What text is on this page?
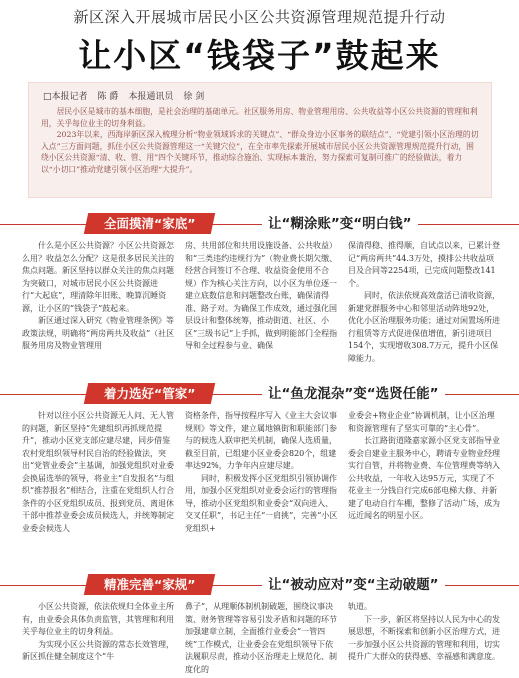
新区深入开展城市居民小区公共资源管理规范提升行动
让小区“钱袋子”鼓起来
□本报记者 陈 爵 本报通讯员 徐 剑

居民小区是城市的基本细胞，是社会治理的基础单元。社区服务用房、物业管理用房、公共收益等小区公共资源的管理和利用，关乎每位业主的切身利益。

2023年以来，西海岸新区深入梳理分析“物业领域诉求的关键点”、“群众身边小区事务的联结点”、“党建引领小区治理的切入点”三方面问题，抓住小区公共资源管理这一“关键穴位”，在全市率先探索开展城市居民小区公共资源管理规范提升行动，围绕小区公共资源“清、收、管、用”四个关键环节，推动综合施治、实现标本兼治，努力探索可复制可推广的经验做法，着力以“小切口”推动党建引领小区治理“大提升”。

全面摸清“家底”	让“糊涂账”变“明白钱”

什么是小区公共资源？小区公共资源怎么用？收益怎么分配？这是很多居民关注的焦点问题。新区坚持以群众关注的焦点问题为突破口，对城市居民小区公共资源进行“大起底”，理清除年旧账、晚算沉睡资源，让小区的“钱袋子”鼓起来。

新区通过深入研究《物业管理条例》等政策法规，明确将“两房两共及收益”（社区服务用房及物业管理用

房、共用部位和共用设施设备、公共收益）和“三类违约违规行为”（物业费长期欠缴、经营合同签订不合理、收益资金使用不合规）作为核心关注方向，以小区为单位逐一建立底数信息和问题整改台账，确保清得准、路子对。为确保工作成效，通过强化国层设计和整体统筹，推动街道、社区、小区“三级书记”上手抓，做到明能部门全程指导和全过程参与业、确保

保清得稳、推得顺，自试点以来，已累计登记“两房两共”44.3万处，摸排公共收益项目及合同等2254项，已完成问题整改141个。

同时，依法依规高效盘活已清收资源，新建党群服务中心和邻里活动阵地92处，优化小区治理服务功能；通过对闲置场所进行租赁等方式促进保值增值，新引进项目154个，实现增收308.7万元，提升小区保障能力。

着力选好“管家”	让“鱼龙混杂”变“选贤任能”

针对以往小区公共资源无人问、无人管的问题，新区坚持“先建组织再抓规范提升”，推动小区党支部应建尽建，同步借鉴农村党组织领导村民自治的经验做法，突出“党管业委会”主基调，加强党组织对业委会换届选举的领导，将业主“自发报名”与组织“推荐报名”相结合，注重在党组织人行合条件的小区党组织成员、报到党员、离退休干部中推荐业委会成员候选人，并统筹制定业委会候选人

资格条件，指导按程序写入《业主大会议事规则》等文件，建立属地镇街和职能部门参与的候选人联审把关机制，确保人选质量，截至目前，已组建小区业委会820个，组建率达92%，力争年内应建尽建。

同时，积极发挥小区党组织引领协调作用，加强小区党组织对业委会运行的管理指导，推动小区党组织和业委会“双向进入、交叉任职”，书记主任“一肩挑”，完善“小区党组织+

业委会+物业企业”协调机制，让小区治理和资源管理有了坚实可靠的“主心骨”。

长江路街道隆嘉家源小区党支部指导业委会自建业主服务中心，聘请专业物业经理实行自管，并将物业费、车位管理费等纳入公共收益，一年收入达95万元，实现了不花业主一分钱自行完成6部电梯大修、并新建了电动自行车棚，整修了活动广场，成为远近闻名的明星小区。

精准完善“家规”	让“被动应对”变“主动破题”

小区公共资源，依法依规归全体业主所有，由业委会具体负责监管，其管理和利用关乎每位业主的切身利益。

为实现小区公共资源的常态长效管理，新区抓住健全制度这个“牛

鼻子”，从理顺体制机制破题，围绕议事决策、财务管理等容易引发矛盾和问题的环节加强建章立制，全面推行业委会“一管四统”工作模式，让业委会在党组织领导下依法履职尽责，推动小区治理走上规范化、制度化的

轨道。

下一步，新区将坚持以人民为中心的发展思想，不断探索和创新小区治理方式，进一步加强小区公共资源的管理和利用，切实提升广大群众的获得感、幸福感和满意度。
